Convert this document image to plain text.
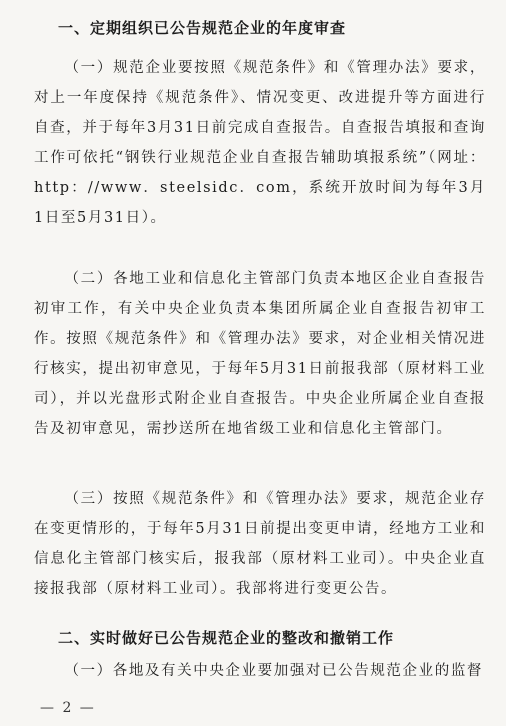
一、定期组织已公告规范企业的年度审查

（一）规范企业要按照《规范条件》和《管理办法》要求，对上一年度保持《规范条件》、情况变更、改进提升等方面进行自查，并于每年3月31日前完成自查报告。自查报告填报和查询工作可依托“钢铁行业规范企业自查报告辅助填报系统”（网址：http：//www．steelsidc．com，系统开放时间为每年3月1日至5月31日）。

（二）各地工业和信息化主管部门负责本地区企业自查报告初审工作，有关中央企业负责本集团所属企业自查报告初审工作。按照《规范条件》和《管理办法》要求，对企业相关情况进行核实，提出初审意见，于每年5月31日前报我部（原材料工业司），并以光盘形式附企业自查报告。中央企业所属企业自查报告及初审意见，需抄送所在地省级工业和信息化主管部门。

（三）按照《规范条件》和《管理办法》要求，规范企业存在变更情形的，于每年5月31日前提出变更申请，经地方工业和信息化主管部门核实后，报我部（原材料工业司）。中央企业直接报我部（原材料工业司）。我部将进行变更公告。

二、实时做好已公告规范企业的整改和撤销工作

（一）各地及有关中央企业要加强对已公告规范企业的监督

— 2 —
